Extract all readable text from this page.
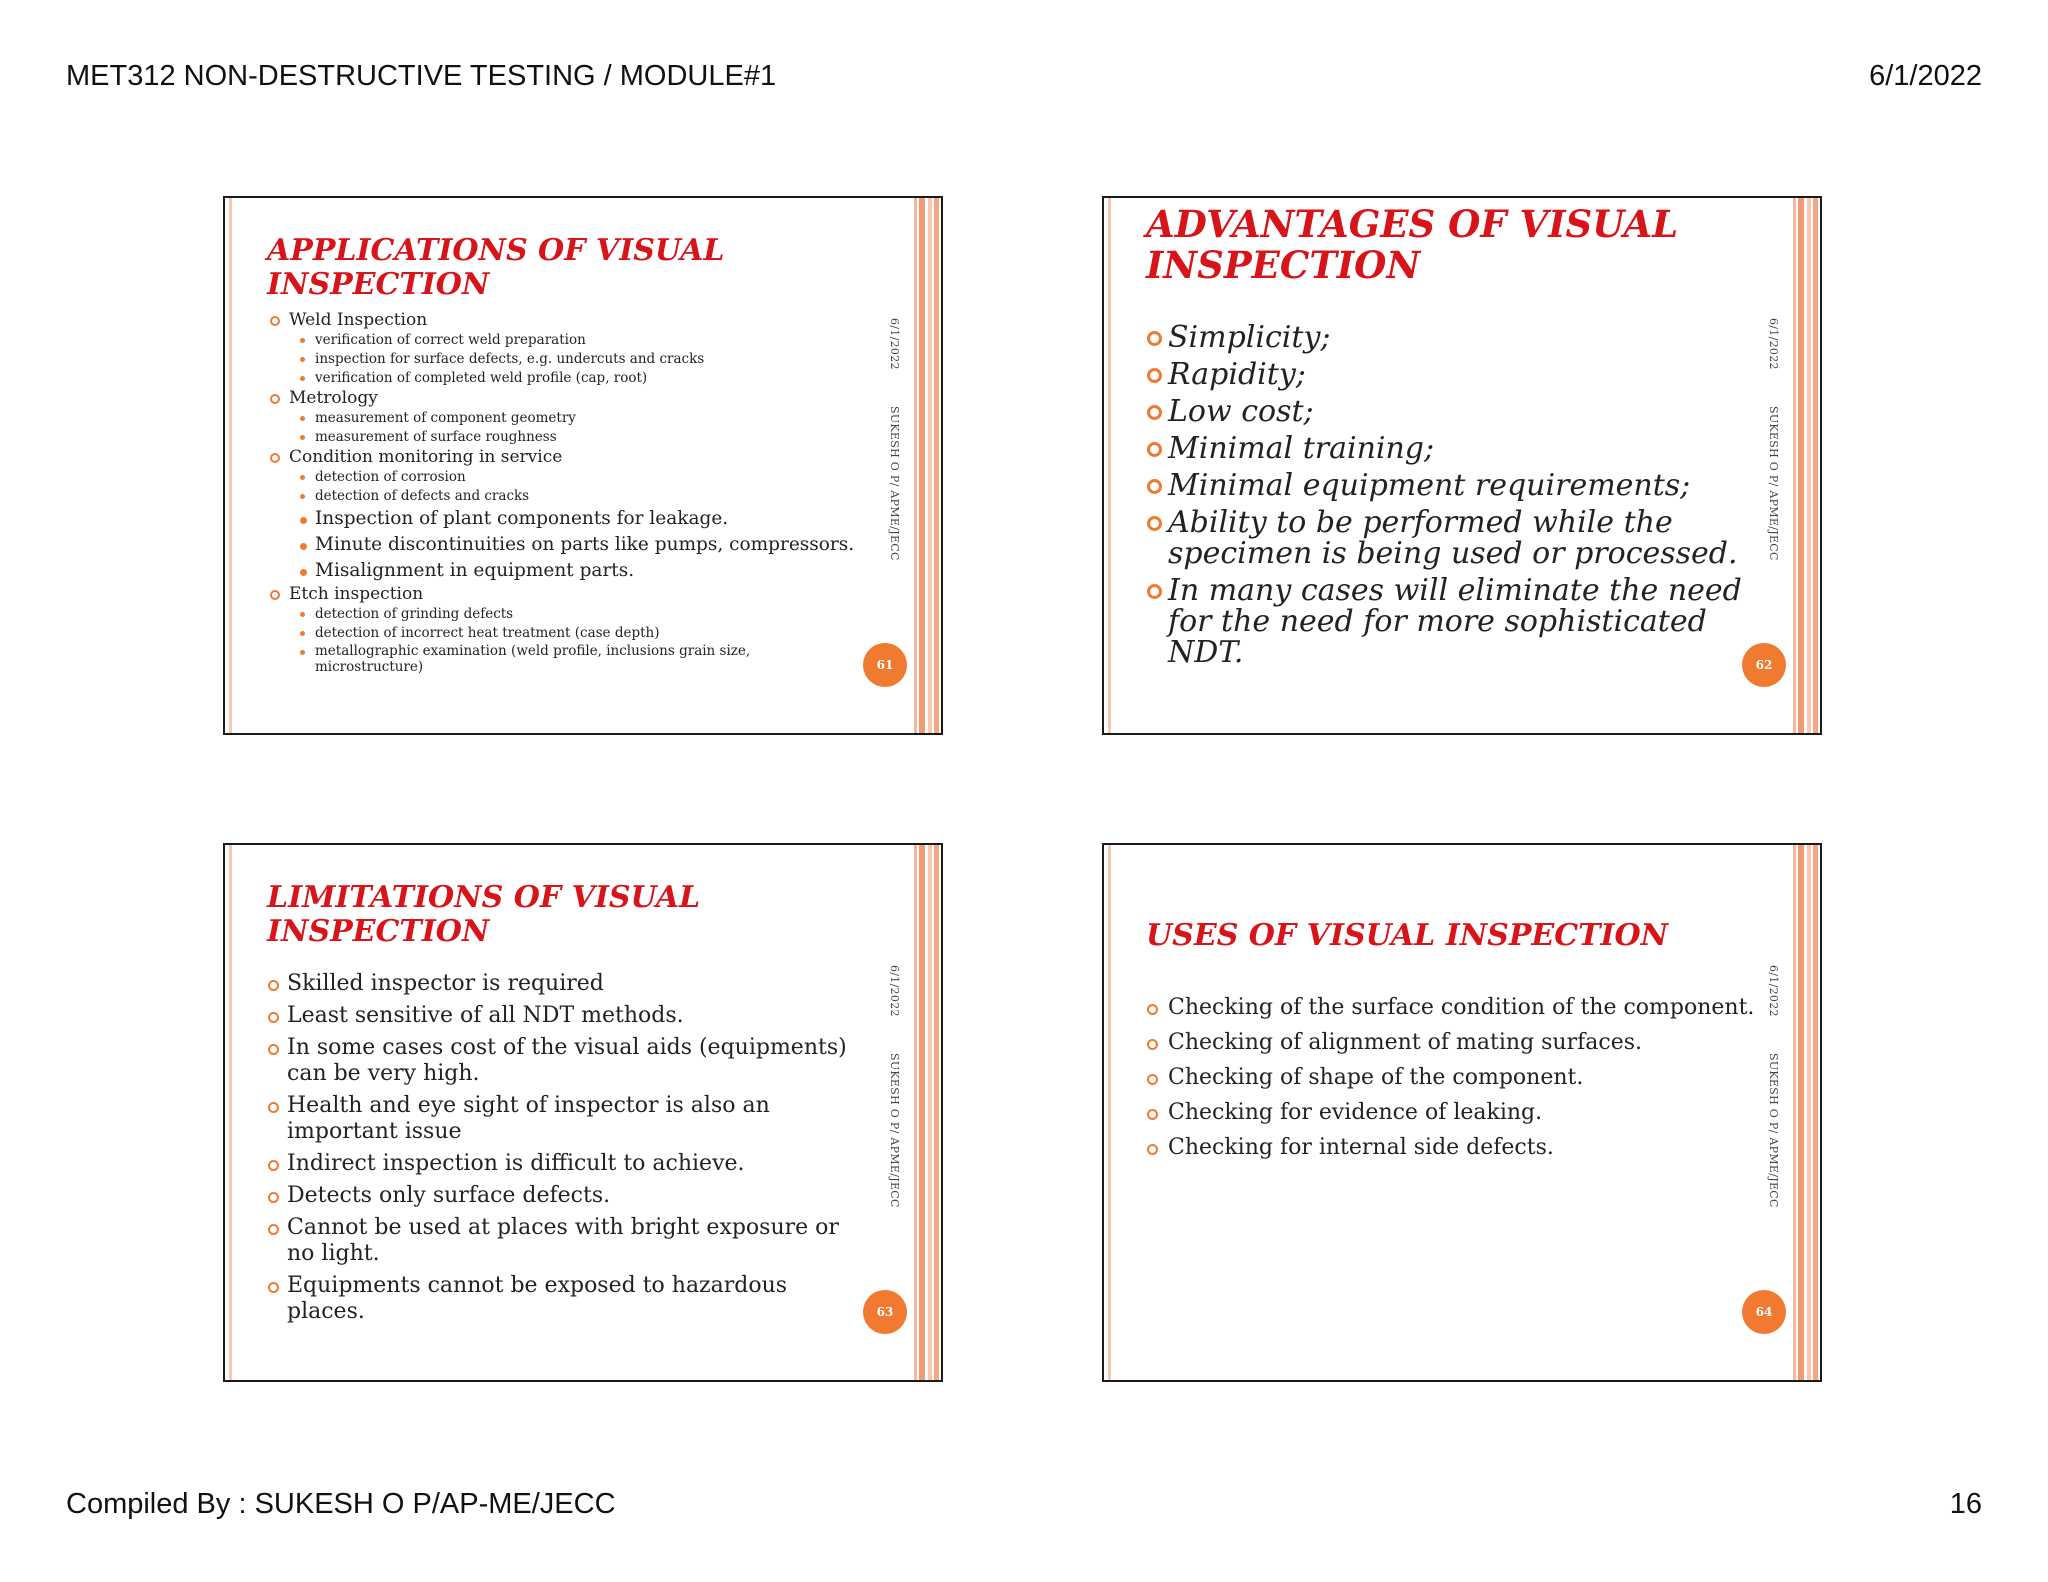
MET312 NON-DESTRUCTIVE TESTING / MODULE#1	6/1/2022
6/1/2022SUKESH O P/ APME/JECC
APPLICATIONS OF VISUAL
INSPECTION
Weld Inspection
verification of correct weld preparation
inspection for surface defects, e.g. undercuts and cracks
verification of completed weld profile (cap, root)
Metrology
measurement of component geometry
measurement of surface roughness
Condition monitoring in service
detection of corrosion
detection of defects and cracks
Inspection of plant components for leakage.
Minute discontinuities on parts like pumps, compressors.
Misalignment in equipment parts.
Etch inspection
detection of grinding defects
detection of incorrect heat treatment (case depth)
metallographic examination (weld profile, inclusions grain size, microstructure)	61
6/1/2022SUKESH O P/ APME/JECC
ADVANTAGES OF VISUAL
INSPECTION
Simplicity;
Rapidity;
Low cost;
Minimal training;
Minimal equipment requirements;
Ability to be performed while the specimen is being used or processed.
In many cases will eliminate the need for the need for more sophisticated NDT.	62
6/1/2022SUKESH O P/ APME/JECC
LIMITATIONS OF VISUAL
INSPECTION
Skilled inspector is required
Least sensitive of all NDT methods.
In some cases cost of the visual aids (equipments) can be very high.
Health and eye sight of inspector is also an important issue
Indirect inspection is difficult to achieve.
Detects only surface defects.
Cannot be used at places with bright exposure or no light.
Equipments cannot be exposed to hazardous places.	63
6/1/2022SUKESH O P/ APME/JECC
USES OF VISUAL INSPECTION
Checking of the surface condition of the component.
Checking of alignment of mating surfaces.
Checking of shape of the component.
Checking for evidence of leaking.
Checking for internal side defects.
64
Compiled By : SUKESH O P/AP-ME/JECC	16
